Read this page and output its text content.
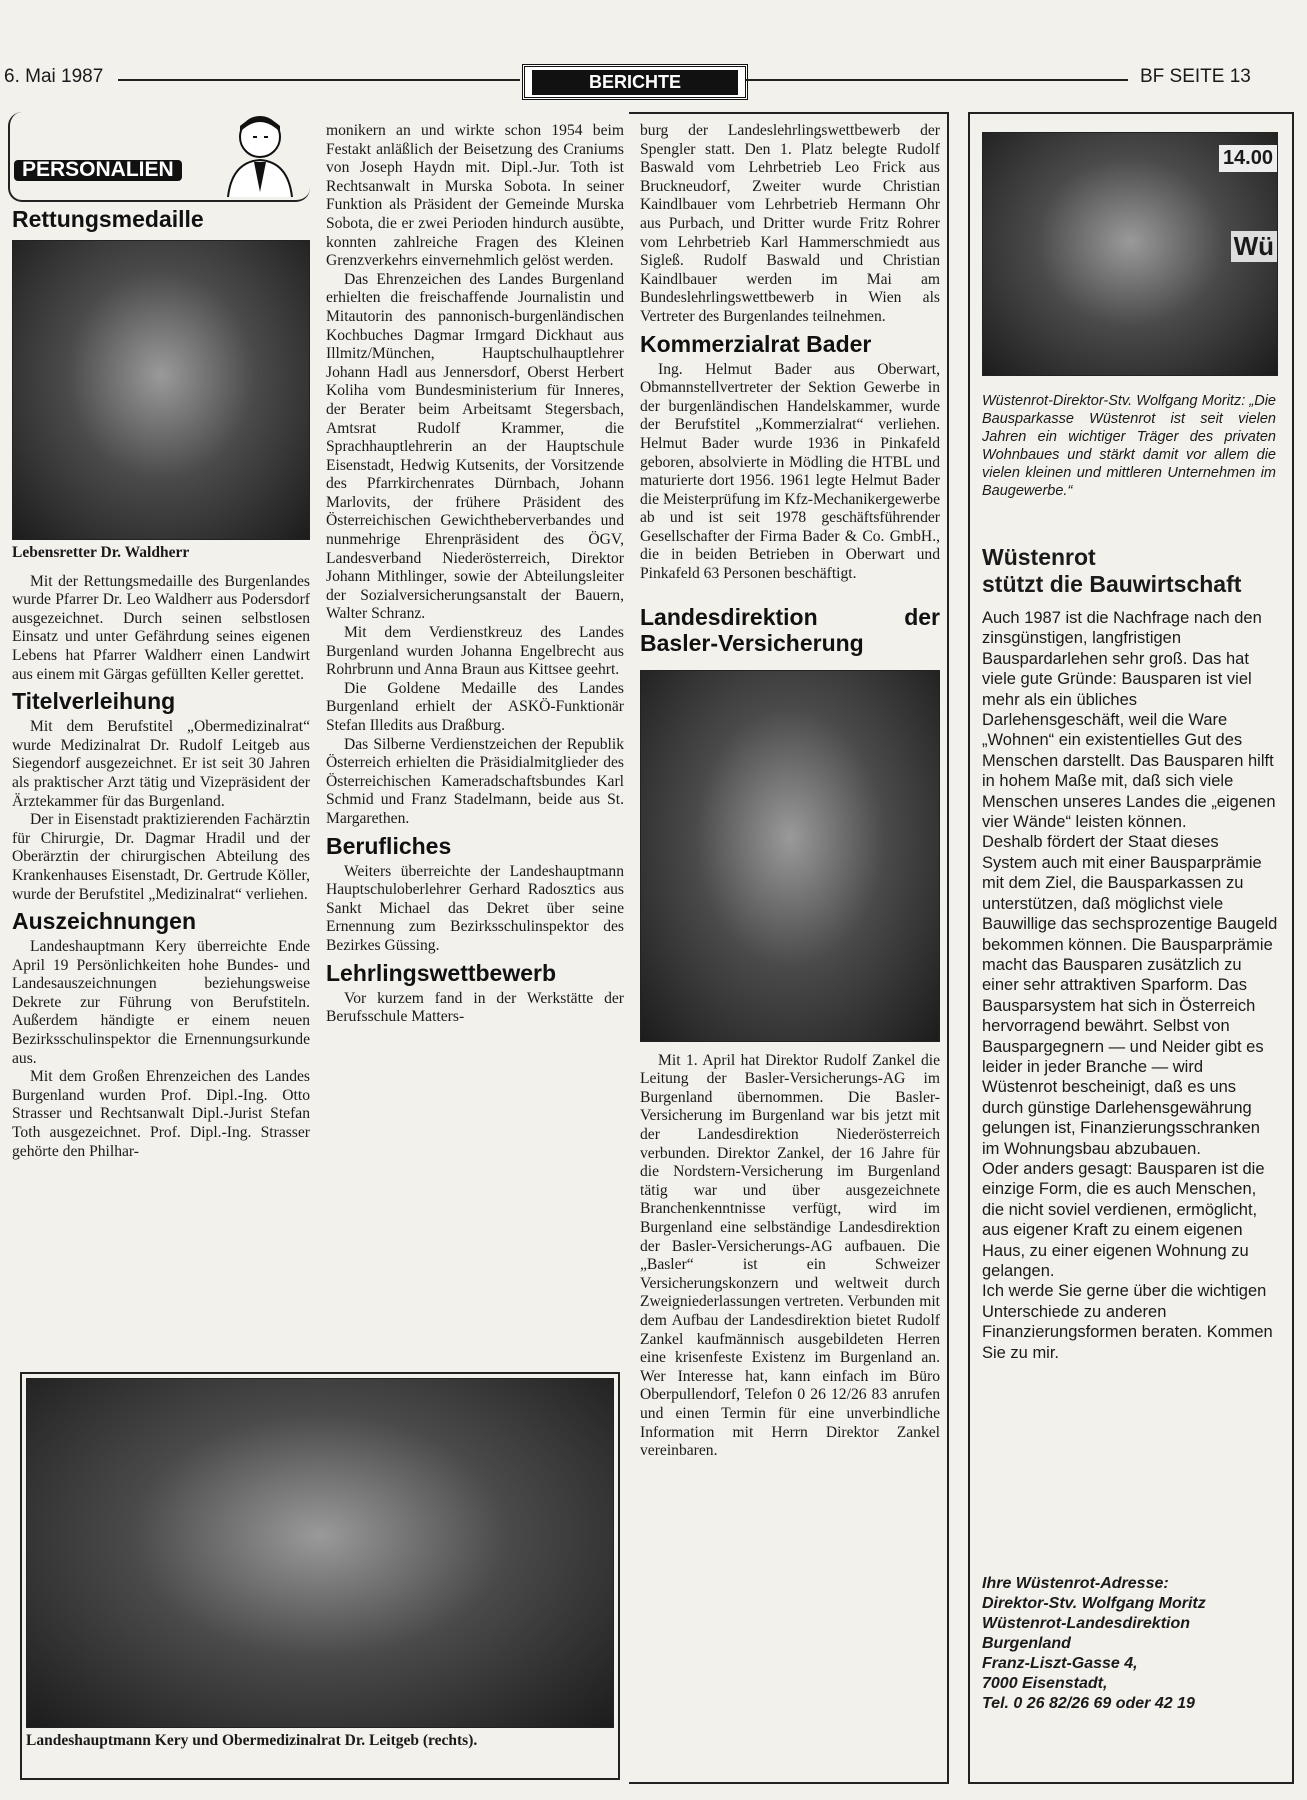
6. Mai 1987	BERICHTE	BF SEITE 13
PERSONALIEN
Rettungsmedaille
Lebensretter Dr. Waldherr

Mit der Rettungsmedaille des Burgenlandes wurde Pfarrer Dr. Leo Waldherr aus Podersdorf ausgezeichnet. Durch seinen selbstlosen Einsatz und unter Gefährdung seines eigenen Lebens hat Pfarrer Waldherr einen Landwirt aus einem mit Gärgas gefüllten Keller gerettet.

Titelverleihung

Mit dem Berufstitel „Obermedizinalrat“ wurde Medizinalrat Dr. Rudolf Leitgeb aus Siegendorf ausgezeichnet. Er ist seit 30 Jahren als praktischer Arzt tätig und Vizepräsident der Ärztekammer für das Burgenland.

Der in Eisenstadt praktizierenden Fachärztin für Chirurgie, Dr. Dagmar Hradil und der Oberärztin der chirurgischen Abteilung des Krankenhauses Eisenstadt, Dr. Gertrude Köller, wurde der Berufstitel „Medizinalrat“ verliehen.

Auszeichnungen

Landeshauptmann Kery überreichte Ende April 19 Persönlichkeiten hohe Bundes- und Landesauszeichnungen beziehungsweise Dekrete zur Führung von Berufstiteln. Außerdem händigte er einem neuen Bezirksschulinspektor die Ernennungsurkunde aus.

Mit dem Großen Ehrenzeichen des Landes Burgenland wurden Prof. Dipl.-Ing. Otto Strasser und Rechtsanwalt Dipl.-Jurist Stefan Toth ausgezeichnet. Prof. Dipl.-Ing. Strasser gehörte den Philhar-

monikern an und wirkte schon 1954 beim Festakt anläßlich der Beisetzung des Craniums von Joseph Haydn mit. Dipl.-Jur. Toth ist Rechtsanwalt in Murska Sobota. In seiner Funktion als Präsident der Gemeinde Murska Sobota, die er zwei Perioden hindurch ausübte, konnten zahlreiche Fragen des Kleinen Grenzverkehrs einvernehmlich gelöst werden.

Das Ehrenzeichen des Landes Burgenland erhielten die freischaffende Journalistin und Mitautorin des pannonisch-burgenländischen Kochbuches Dagmar Irmgard Dickhaut aus Illmitz/München, Hauptschulhauptlehrer Johann Hadl aus Jennersdorf, Oberst Herbert Koliha vom Bundesministerium für Inneres, der Berater beim Arbeitsamt Stegersbach, Amtsrat Rudolf Krammer, die Sprachhauptlehrerin an der Hauptschule Eisenstadt, Hedwig Kutsenits, der Vorsitzende des Pfarrkirchenrates Dürnbach, Johann Marlovits, der frühere Präsident des Österreichischen Gewichtheberverbandes und nunmehrige Ehrenpräsident des ÖGV, Landesverband Niederösterreich, Direktor Johann Mithlinger, sowie der Abteilungsleiter der Sozialversicherungsanstalt der Bauern, Walter Schranz.

Mit dem Verdienstkreuz des Landes Burgenland wurden Johanna Engelbrecht aus Rohrbrunn und Anna Braun aus Kittsee geehrt.

Die Goldene Medaille des Landes Burgenland erhielt der ASKÖ-Funktionär Stefan Illedits aus Draßburg.

Das Silberne Verdienstzeichen der Republik Österreich erhielten die Präsidialmitglieder des Österreichischen Kameradschaftsbundes Karl Schmid und Franz Stadelmann, beide aus St. Margarethen.

Berufliches

Weiters überreichte der Landeshauptmann Hauptschuloberlehrer Gerhard Radosztics aus Sankt Michael das Dekret über seine Ernennung zum Bezirksschulinspektor des Bezirkes Güssing.

Lehrlingswettbewerb

Vor kurzem fand in der Werkstätte der Berufsschule Matters-

burg der Landeslehrlingswettbewerb der Spengler statt. Den 1. Platz belegte Rudolf Baswald vom Lehrbetrieb Leo Frick aus Bruckneudorf, Zweiter wurde Christian Kaindlbauer vom Lehrbetrieb Hermann Ohr aus Purbach, und Dritter wurde Fritz Rohrer vom Lehrbetrieb Karl Hammerschmiedt aus Sigleß. Rudolf Baswald und Christian Kaindlbauer werden im Mai am Bundeslehrlingswettbewerb in Wien als Vertreter des Burgenlandes teilnehmen.

Kommerzialrat Bader

Ing. Helmut Bader aus Oberwart, Obmannstellvertreter der Sektion Gewerbe in der burgenländischen Handelskammer, wurde der Berufstitel „Kommerzialrat“ verliehen. Helmut Bader wurde 1936 in Pinkafeld geboren, absolvierte in Mödling die HTBL und maturierte dort 1956. 1961 legte Helmut Bader die Meisterprüfung im Kfz-Mechanikergewerbe ab und ist seit 1978 geschäftsführender Gesellschafter der Firma Bader & Co. GmbH., die in beiden Betrieben in Oberwart und Pinkafeld 63 Personen beschäftigt.

Landesdirektion der Basler-Versicherung

Mit 1. April hat Direktor Rudolf Zankel die Leitung der Basler-Versicherungs-AG im Burgenland übernommen. Die Basler-Versicherung im Burgenland war bis jetzt mit der Landesdirektion Niederösterreich verbunden. Direktor Zankel, der 16 Jahre für die Nordstern-Versicherung im Burgenland tätig war und über ausgezeichnete Branchenkenntnisse verfügt, wird im Burgenland eine selbständige Landesdirektion der Basler-Versicherungs-AG aufbauen. Die „Basler“ ist ein Schweizer Versicherungskonzern und weltweit durch Zweigniederlassungen vertreten. Verbunden mit dem Aufbau der Landesdirektion bietet Rudolf Zankel kaufmännisch ausgebildeten Herren eine krisenfeste Existenz im Burgenland an. Wer Interesse hat, kann einfach im Büro Oberpullendorf, Telefon 0 26 12/26 83 anrufen und einen Termin für eine unverbindliche Information mit Herrn Direktor Zankel vereinbaren.

Landeshauptmann Kery und Obermedizinalrat Dr. Leitgeb (rechts).
14.00
Wü
Wüstenrot-Direktor-Stv. Wolfgang Moritz: „Die Bausparkasse Wüstenrot ist seit vielen Jahren ein wichtiger Träger des privaten Wohnbaues und stärkt damit vor allem die vielen kleinen und mittleren Unternehmen im Baugewerbe.“
Wüstenrot
stützt die Bauwirtschaft

Auch 1987 ist die Nachfrage nach den zinsgünstigen, langfristigen Bauspardarlehen sehr groß. Das hat viele gute Gründe: Bausparen ist viel mehr als ein übliches Darlehensgeschäft, weil die Ware „Wohnen“ ein existentielles Gut des Menschen darstellt. Das Bausparen hilft in hohem Maße mit, daß sich viele Menschen unseres Landes die „eigenen vier Wände“ leisten können.

Deshalb fördert der Staat dieses System auch mit einer Bausparprämie mit dem Ziel, die Bausparkassen zu unterstützen, daß möglichst viele Bauwillige das sechsprozentige Baugeld bekommen können. Die Bausparprämie macht das Bausparen zusätzlich zu einer sehr attraktiven Sparform. Das Bausparsystem hat sich in Österreich hervorragend bewährt. Selbst von Bauspargegnern — und Neider gibt es leider in jeder Branche — wird Wüstenrot bescheinigt, daß es uns durch günstige Darlehensgewährung gelungen ist, Finanzierungsschranken im Wohnungsbau abzubauen.

Oder anders gesagt: Bausparen ist die einzige Form, die es auch Menschen, die nicht soviel verdienen, ermöglicht, aus eigener Kraft zu einem eigenen Haus, zu einer eigenen Wohnung zu gelangen.

Ich werde Sie gerne über die wichtigen Unterschiede zu anderen Finanzierungsformen beraten. Kommen Sie zu mir.

Ihre Wüstenrot-Adresse:
Direktor-Stv. Wolfgang Moritz
Wüstenrot-Landesdirektion
Burgenland
Franz-Liszt-Gasse 4,
7000 Eisenstadt,
Tel. 0 26 82/26 69 oder 42 19
